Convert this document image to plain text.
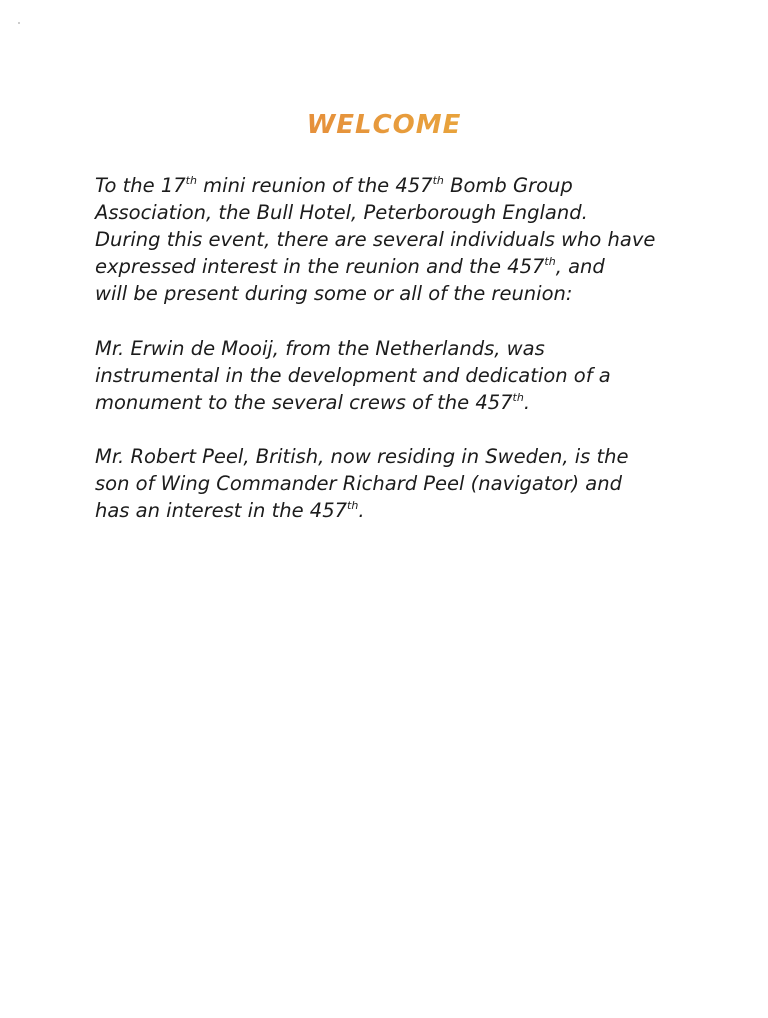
WELCOME
To the 17th mini reunion of the 457th Bomb Group
Association, the Bull Hotel, Peterborough England.
During this event, there are several individuals who have
expressed interest in the reunion and the 457th, and
will be present during some or all of the reunion:
Mr. Erwin de Mooij, from the Netherlands, was
instrumental in the development and dedication of a
monument to the several crews of the 457th.
Mr. Robert Peel, British, now residing in Sweden, is the
son of Wing Commander Richard Peel (navigator) and
has an interest in the 457th.
